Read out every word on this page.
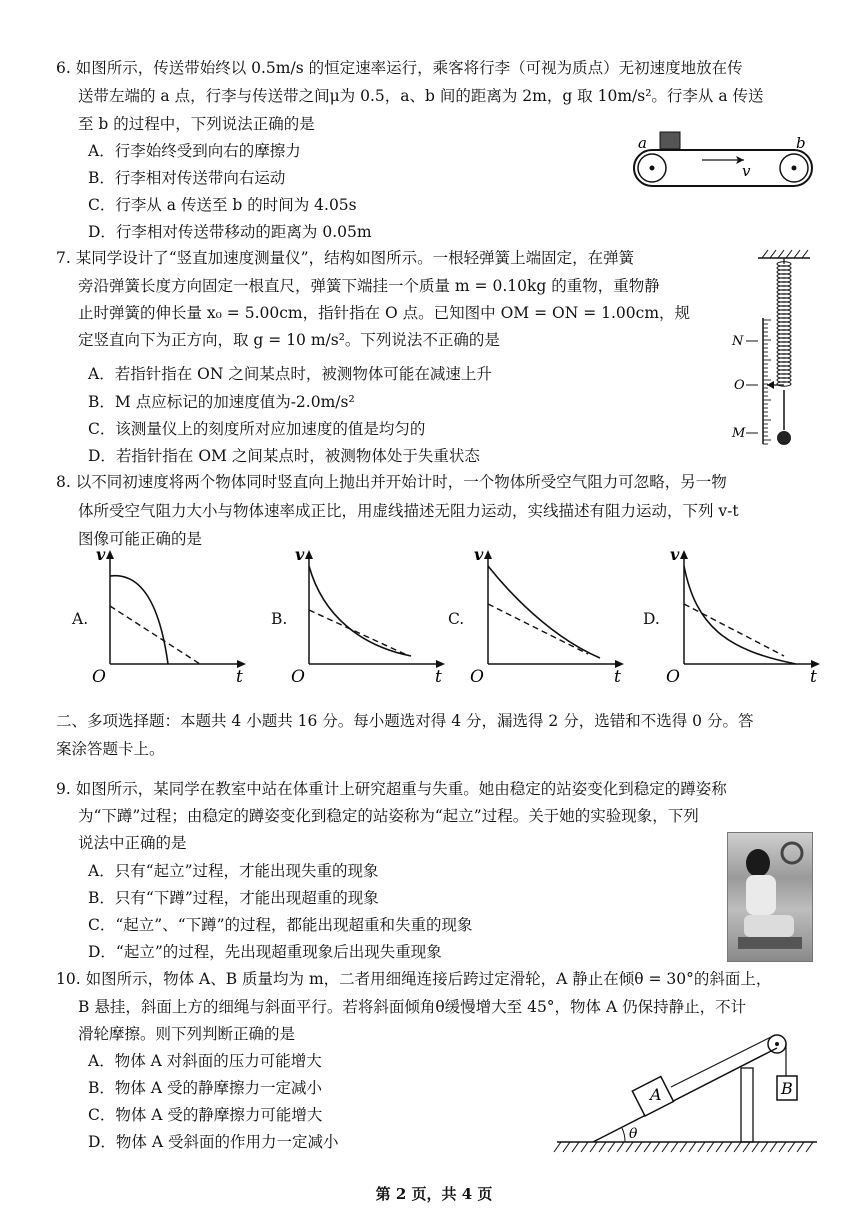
6. 如图所示，传送带始终以 0.5m/s 的恒定速率运行，乘客将行李（可视为质点）无初速度地放在传
送带左端的 a 点，行李与传送带之间μ为 0.5，a、b 间的距离为 2m，g 取 10m/s²。行李从 a 传送
至 b 的过程中，下列说法正确的是
A．行李始终受到向右的摩擦力
B．行李相对传送带向右运动
C．行李从 a 传送至 b 的时间为 4.05s
D．行李相对传送带移动的距离为 0.05m
a	b
v
7. 某同学设计了“竖直加速度测量仪”，结构如图所示。一根轻弹簧上端固定，在弹簧
旁沿弹簧长度方向固定一根直尺，弹簧下端挂一个质量 m = 0.10kg 的重物，重物静
止时弹簧的伸长量 x₀ = 5.00cm，指针指在 O 点。已知图中 OM = ON = 1.00cm，规
定竖直向下为正方向，取 g = 10 m/s²。下列说法不正确的是
A．若指针指在 ON 之间某点时，被测物体可能在减速上升
B．M 点应标记的加速度值为-2.0m/s²
C．该测量仪上的刻度所对应加速度的值是均匀的
D．若指针指在 OM 之间某点时，被测物体处于失重状态
N
O
M
8. 以不同初速度将两个物体同时竖直向上抛出并开始计时，一个物体所受空气阻力可忽略，另一物
体所受空气阻力大小与物体速率成正比，用虚线描述无阻力运动，实线描述有阻力运动，下列 v-t
图像可能正确的是
A.
v
t
O
B.
v
t
O
C.
v
t
O
D.
v
t
O
二、多项选择题：本题共 4 小题共 16 分。每小题选对得 4 分，漏选得 2 分，选错和不选得 0 分。答
案涂答题卡上。
9. 如图所示，某同学在教室中站在体重计上研究超重与失重。她由稳定的站姿变化到稳定的蹲姿称
为“下蹲”过程；由稳定的蹲姿变化到稳定的站姿称为“起立”过程。关于她的实验现象，下列
说法中正确的是
A．只有“起立”过程，才能出现失重的现象
B．只有“下蹲”过程，才能出现超重的现象
C．“起立”、“下蹲”的过程，都能出现超重和失重的现象
D．“起立”的过程，先出现超重现象后出现失重现象
10. 如图所示，物体 A、B 质量均为 m，二者用细绳连接后跨过定滑轮，A 静止在倾θ = 30°的斜面上，
B 悬挂，斜面上方的细绳与斜面平行。若将斜面倾角θ缓慢增大至 45°，物体 A 仍保持静止，不计
滑轮摩擦。则下列判断正确的是
A．物体 A 对斜面的压力可能增大
B．物体 A 受的静摩擦力一定减小
C．物体 A 受的静摩擦力可能增大
D．物体 A 受斜面的作用力一定减小
A	B
θ
第 2 页，共 4 页
